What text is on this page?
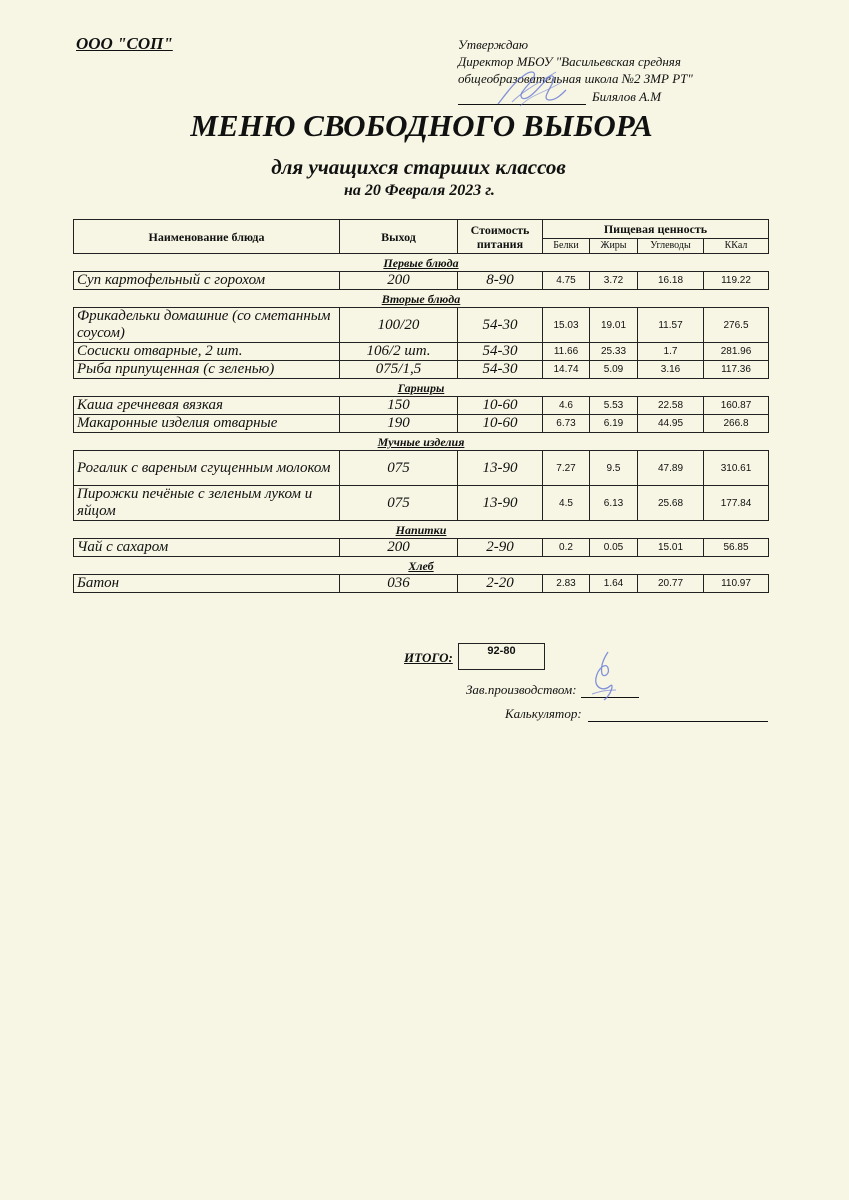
ООО "СОП"	Утверждаю
Директор МБОУ "Васильевская средняя
общеобразовательная школа №2 ЗМР РТ"
Билялов А.М
МЕНЮ СВОБОДНОГО ВЫБОРА
для учащихся старших классов
на 20 Февраля 2023 г.
Наименование блюда	Выход	Стоимость питания	Пищевая ценность			
			Белки	Жиры	Углеводы	ККал
Первые блюда						
Суп картофельный с горохом	200	8-90	4.75	3.72	16.18	119.22
Вторые блюда						
Фрикадельки домашние (со сметанным соусом)	100/20	54-30	15.03	19.01	11.57	276.5
Сосиски отварные, 2 шт.	106/2 шт.	54-30	11.66	25.33	1.7	281.96
Рыба припущенная (с зеленью)	075/1,5	54-30	14.74	5.09	3.16	117.36
Гарниры						
Каша гречневая вязкая	150	10-60	4.6	5.53	22.58	160.87
Макаронные изделия отварные	190	10-60	6.73	6.19	44.95	266.8
Мучные изделия						
Рогалик с вареным сгущенным молоком	075	13-90	7.27	9.5	47.89	310.61
Пирожки печёные с зеленым луком и яйцом	075	13-90	4.5	6.13	25.68	177.84
Напитки						
Чай с сахаром	200	2-90	0.2	0.05	15.01	56.85
Хлеб						
Батон	036	2-20	2.83	1.64	20.77	110.97
ИТОГО:	92-80
Зав.производством:
Калькулятор:
